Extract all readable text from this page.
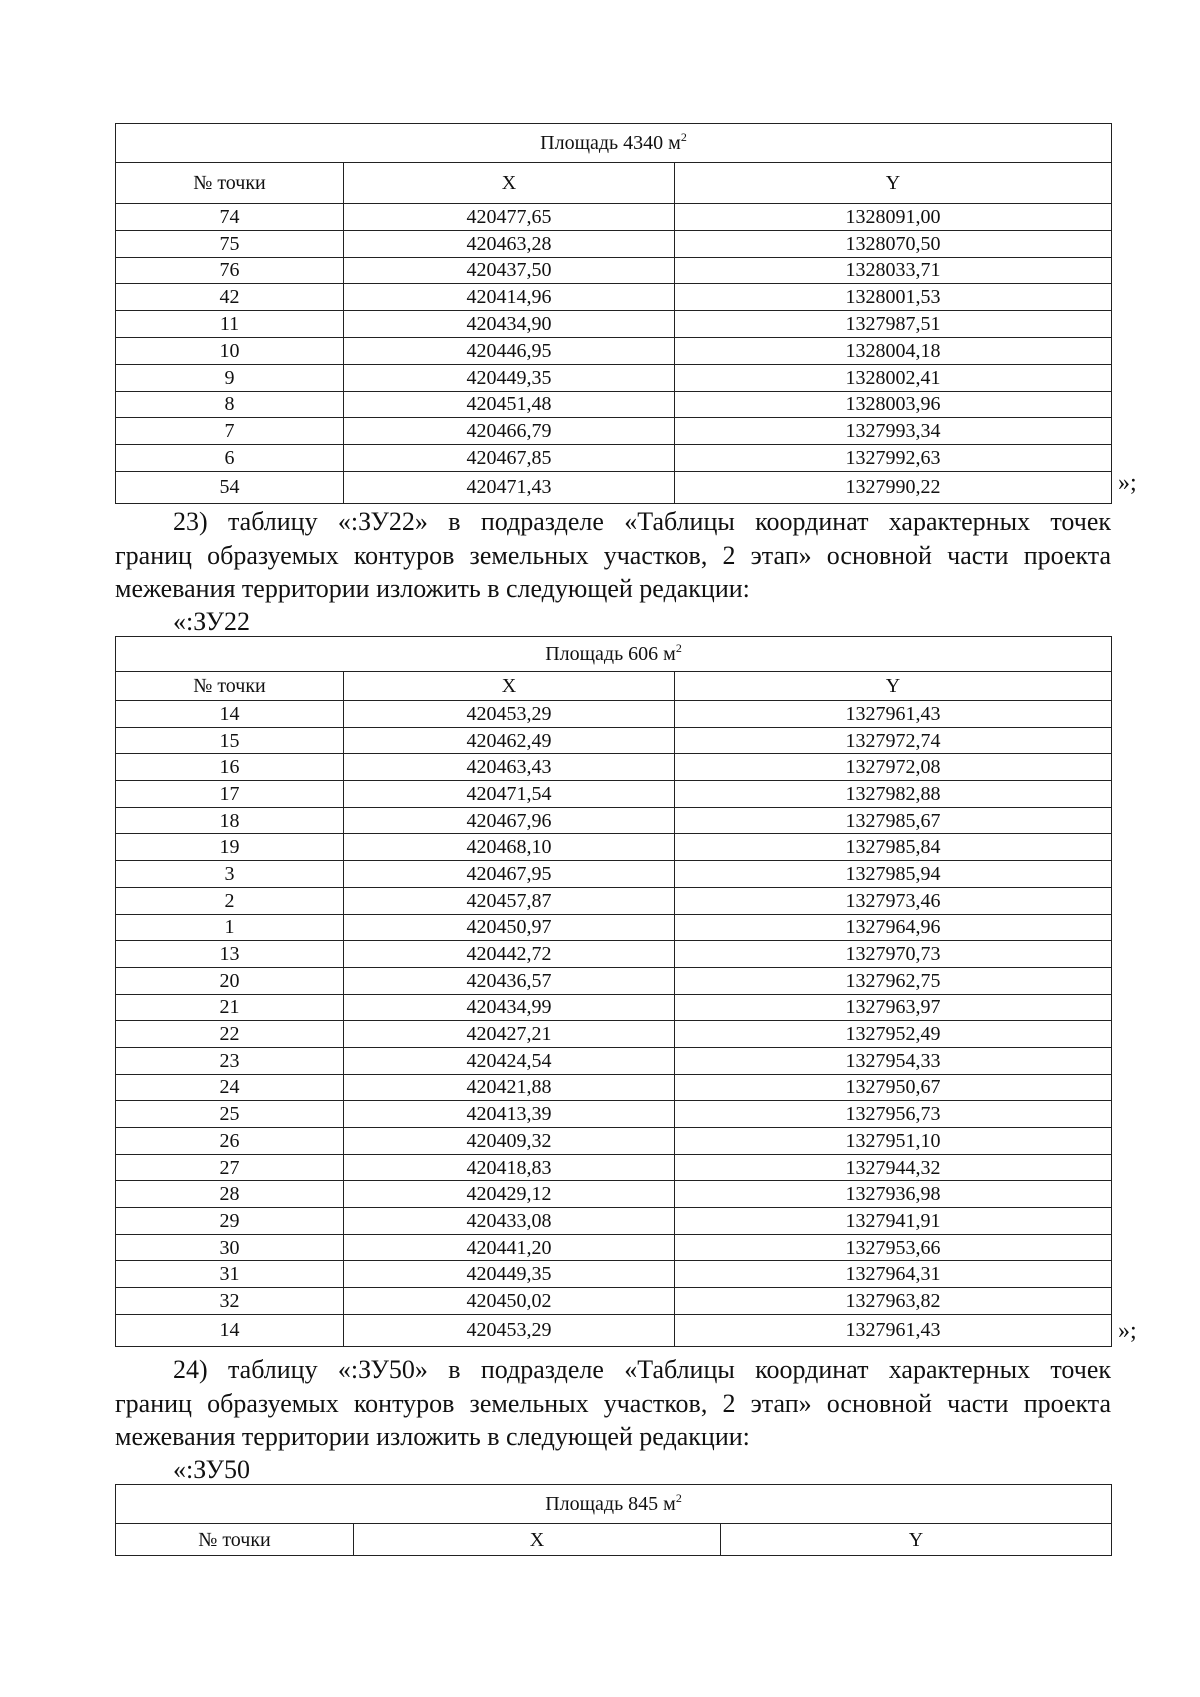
Площадь 4340 $м^2$
№ точки	X	Y
74	420477,65	1328091,00
75	420463,28	1328070,50
76	420437,50	1328033,71
42	420414,96	1328001,53
11	420434,90	1327987,51
10	420446,95	1328004,18
9	420449,35	1328002,41
8	420451,48	1328003,96
7	420466,79	1327993,34
6	420467,85	1327992,63
54	420471,43	1327990,22	»;
23) таблицу «:ЗУ22» в подразделе «Таблицы координат характерных точек
границ образуемых контуров земельных участков, 2 этап» основной части проекта
межевания территории изложить в следующей редакции:
«:ЗУ22
Площадь 606 $м^2$
№ точки	X	Y
14	420453,29	1327961,43
15	420462,49	1327972,74
16	420463,43	1327972,08
17	420471,54	1327982,88
18	420467,96	1327985,67
19	420468,10	1327985,84
3	420467,95	1327985,94
2	420457,87	1327973,46
1	420450,97	1327964,96
13	420442,72	1327970,73
20	420436,57	1327962,75
21	420434,99	1327963,97
22	420427,21	1327952,49
23	420424,54	1327954,33
24	420421,88	1327950,67
25	420413,39	1327956,73
26	420409,32	1327951,10
27	420418,83	1327944,32
28	420429,12	1327936,98
29	420433,08	1327941,91
30	420441,20	1327953,66
31	420449,35	1327964,31
32	420450,02	1327963,82
14	420453,29	1327961,43	»;
24) таблицу «:ЗУ50» в подразделе «Таблицы координат характерных точек
границ образуемых контуров земельных участков, 2 этап» основной части проекта
межевания территории изложить в следующей редакции:
«:ЗУ50
Площадь 845 $м^2$
№ точки	X	Y
